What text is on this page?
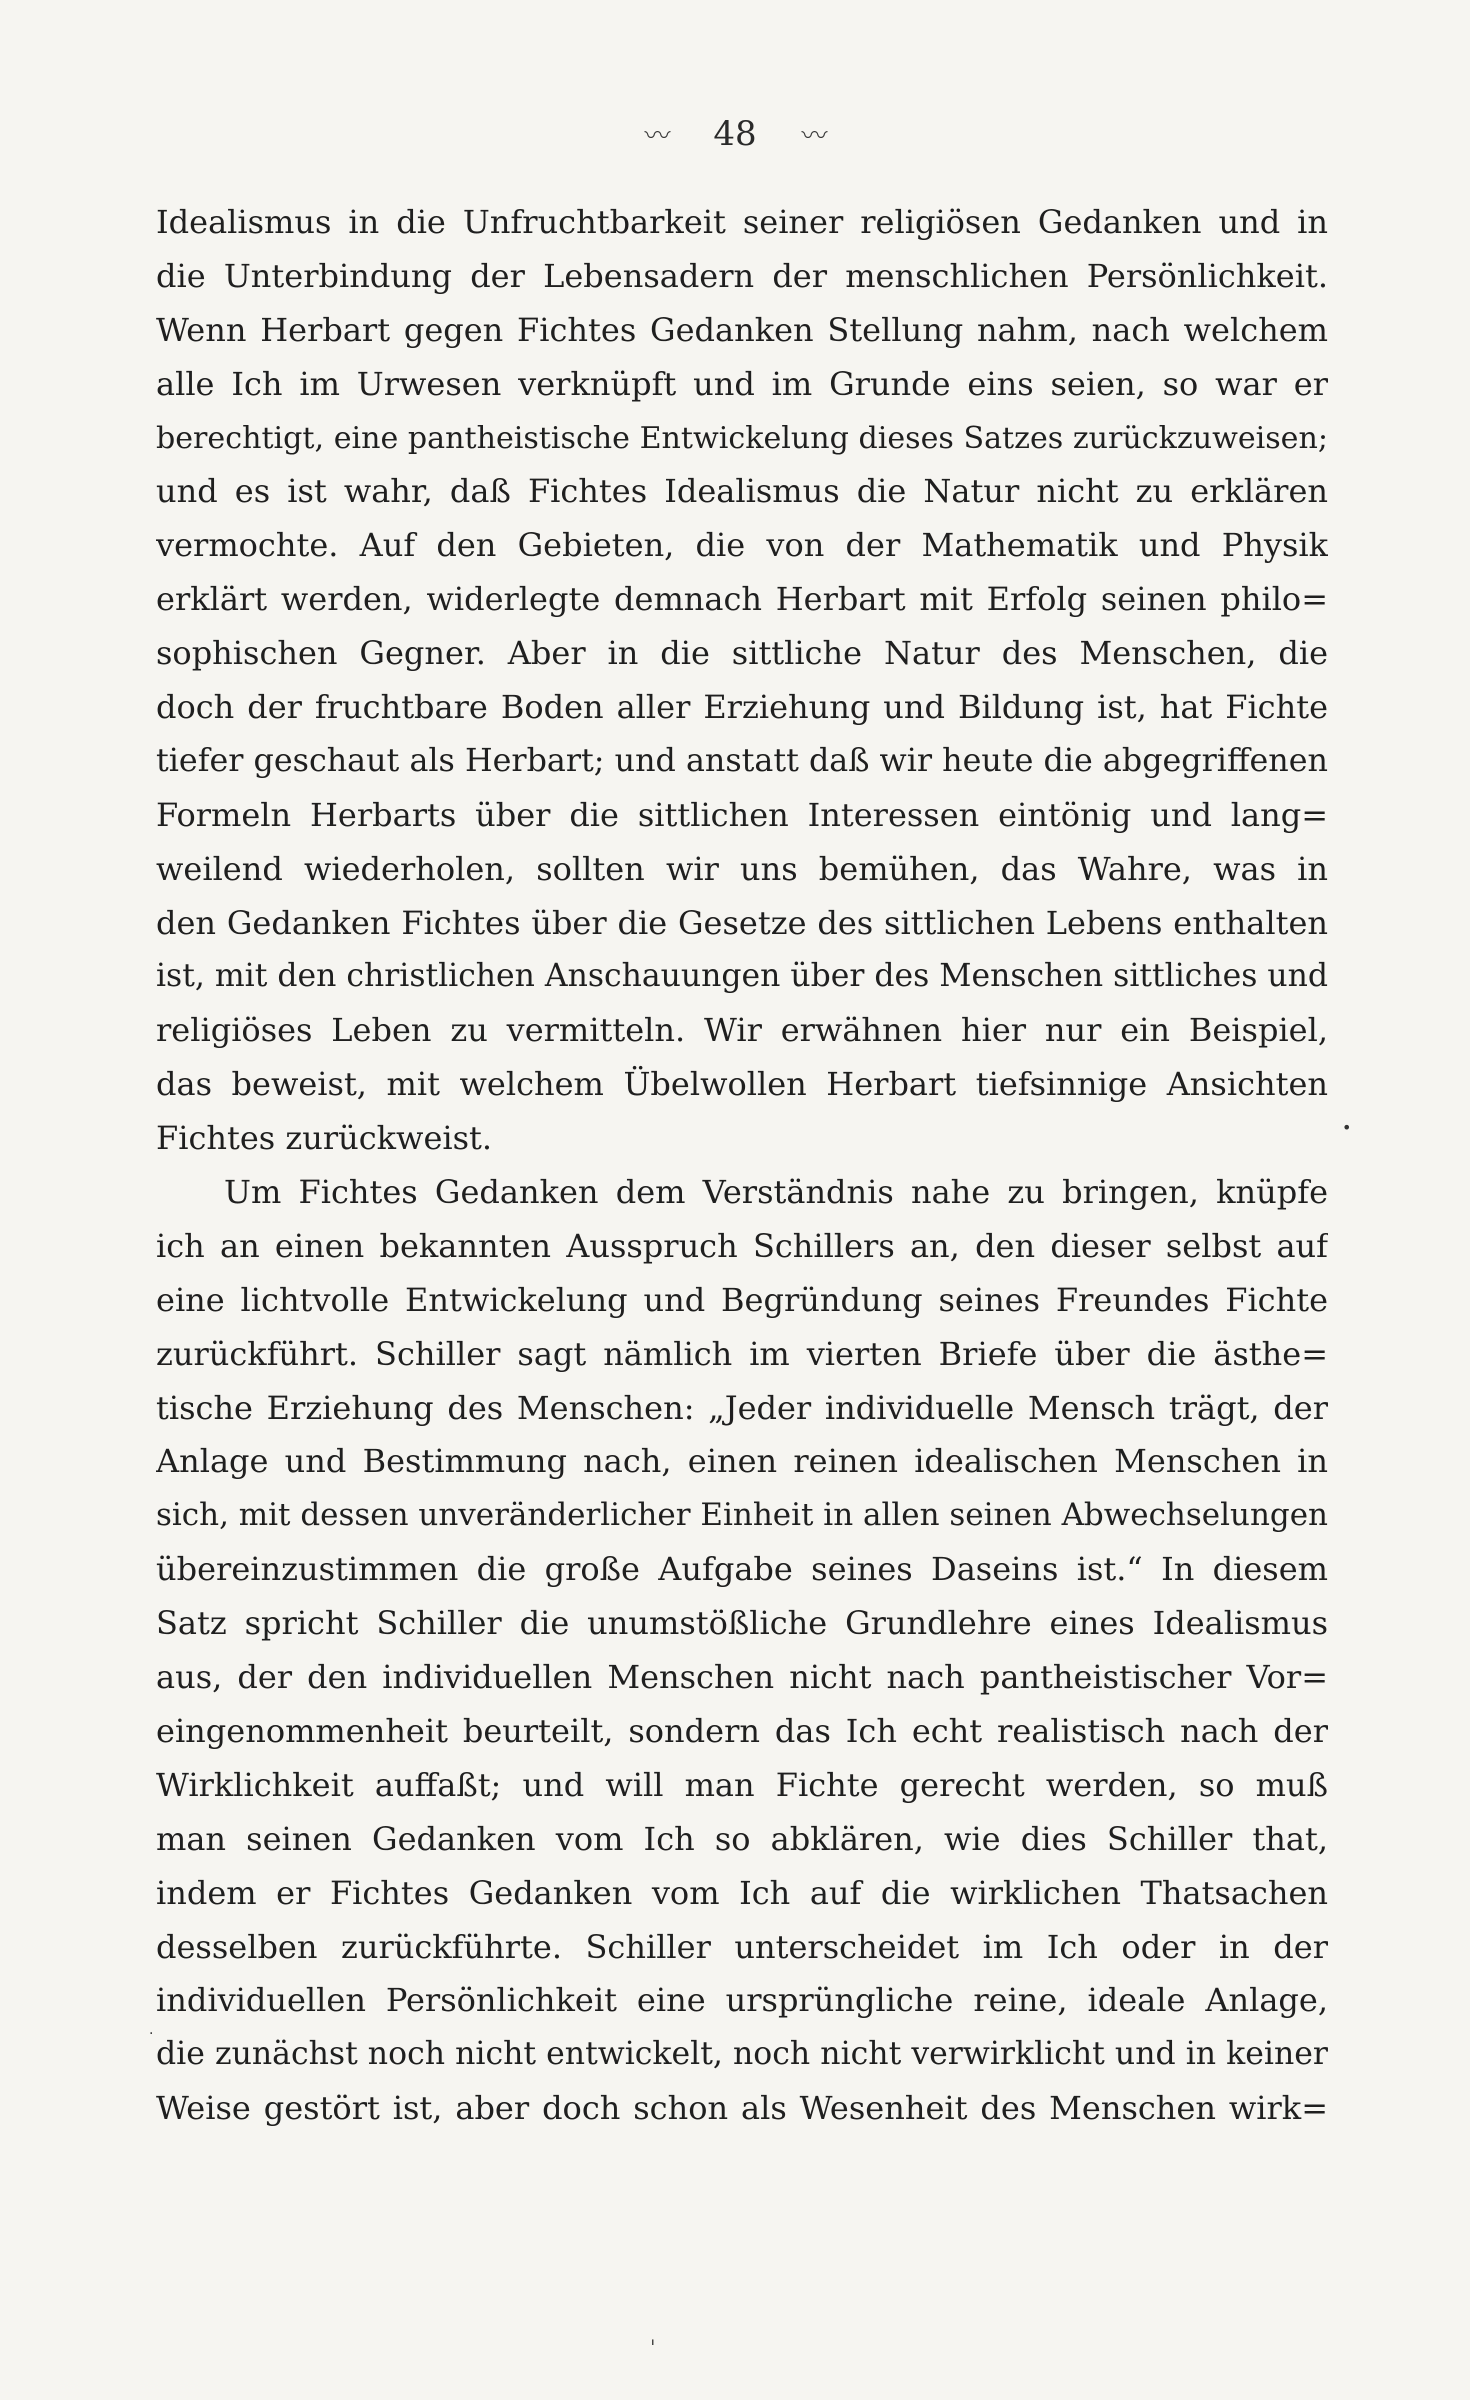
〰 48 〰
Idealismus in die Unfruchtbarkeit seiner religiösen Gedanken und in
die Unterbindung der Lebensadern der menschlichen Persönlichkeit.
Wenn Herbart gegen Fichtes Gedanken Stellung nahm, nach welchem
alle Ich im Urwesen verknüpft und im Grunde eins seien, so war er
berechtigt, eine pantheistische Entwickelung dieses Satzes zurückzuweisen;
und es ist wahr, daß Fichtes Idealismus die Natur nicht zu erklären
vermochte. Auf den Gebieten, die von der Mathematik und Physik
erklärt werden, widerlegte demnach Herbart mit Erfolg seinen philo=
sophischen Gegner. Aber in die sittliche Natur des Menschen, die
doch der fruchtbare Boden aller Erziehung und Bildung ist, hat Fichte
tiefer geschaut als Herbart; und anstatt daß wir heute die abgegriffenen
Formeln Herbarts über die sittlichen Interessen eintönig und lang=
weilend wiederholen, sollten wir uns bemühen, das Wahre, was in
den Gedanken Fichtes über die Gesetze des sittlichen Lebens enthalten
ist, mit den christlichen Anschauungen über des Menschen sittliches und
religiöses Leben zu vermitteln. Wir erwähnen hier nur ein Beispiel,
das beweist, mit welchem Übelwollen Herbart tiefsinnige Ansichten
Fichtes zurückweist.
Um Fichtes Gedanken dem Verständnis nahe zu bringen, knüpfe
ich an einen bekannten Ausspruch Schillers an, den dieser selbst auf
eine lichtvolle Entwickelung und Begründung seines Freundes Fichte
zurückführt. Schiller sagt nämlich im vierten Briefe über die ästhe=
tische Erziehung des Menschen: „Jeder individuelle Mensch trägt, der
Anlage und Bestimmung nach, einen reinen idealischen Menschen in
sich, mit dessen unveränderlicher Einheit in allen seinen Abwechselungen
übereinzustimmen die große Aufgabe seines Daseins ist.“ In diesem
Satz spricht Schiller die unumstößliche Grundlehre eines Idealismus
aus, der den individuellen Menschen nicht nach pantheistischer Vor=
eingenommenheit beurteilt, sondern das Ich echt realistisch nach der
Wirklichkeit auffaßt; und will man Fichte gerecht werden, so muß
man seinen Gedanken vom Ich so abklären, wie dies Schiller that,
indem er Fichtes Gedanken vom Ich auf die wirklichen Thatsachen
desselben zurückführte. Schiller unterscheidet im Ich oder in der
individuellen Persönlichkeit eine ursprüngliche reine, ideale Anlage,
die zunächst noch nicht entwickelt, noch nicht verwirklicht und in keiner
Weise gestört ist, aber doch schon als Wesenheit des Menschen wirk=
•
·
ˈ
